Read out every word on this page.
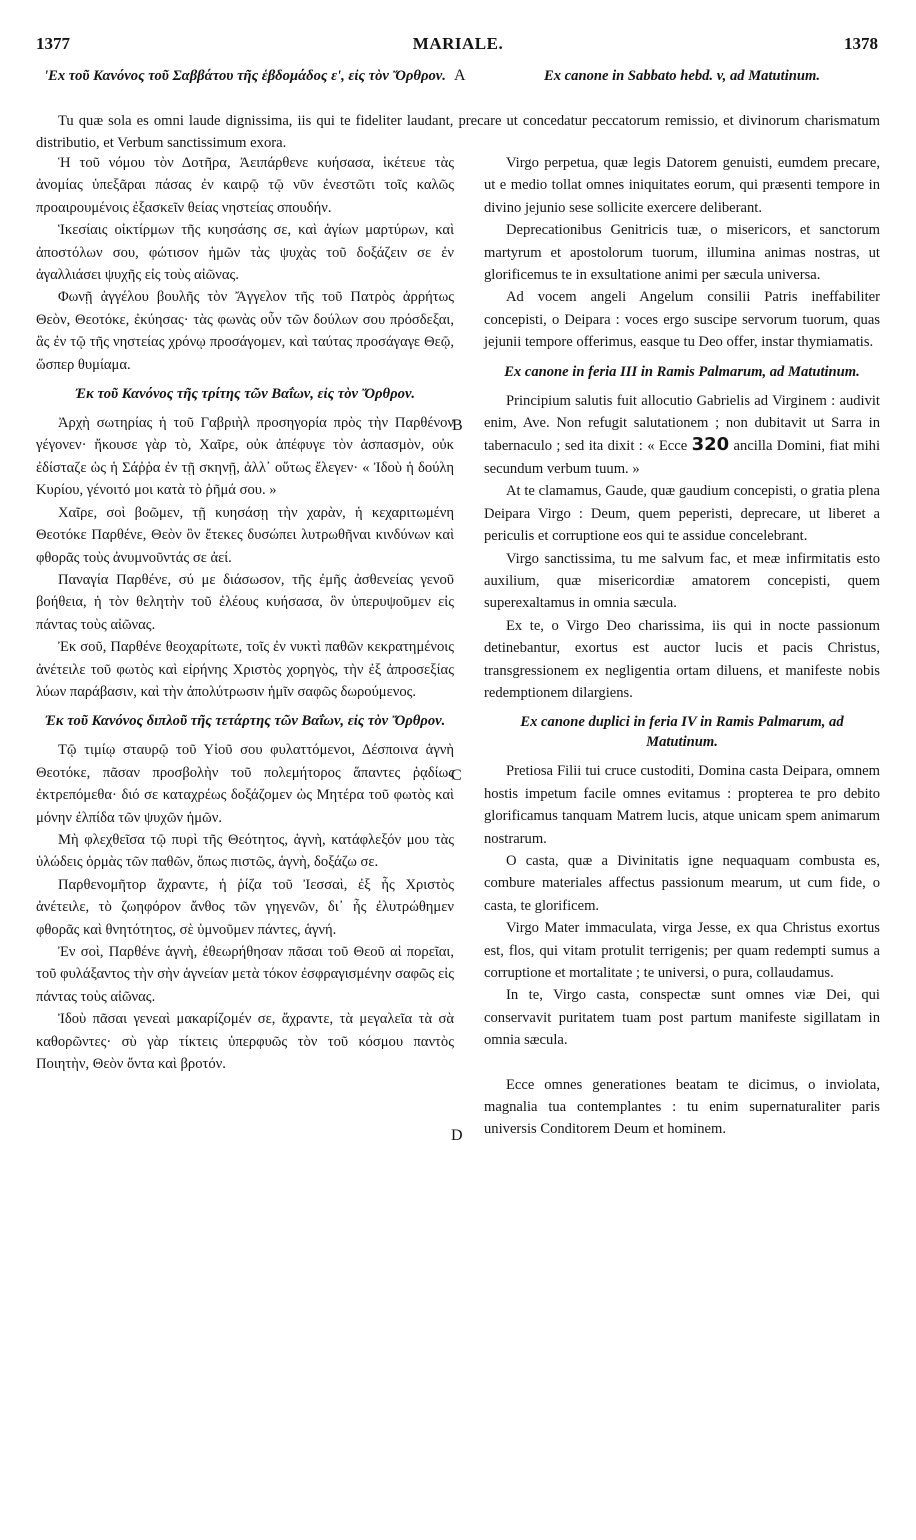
1377	MARIALE.	1378
A
B
C
D

'Ex τοῦ Κανόνος τοῦ Σαββάτου τῆς ἑβδομάδος ε', εἰς τὸν Ὄρθρον.

Ἡ τοῦ νόμου τὸν Δοτῆρα, Ἀειπάρθενε κυήσασα, ἱκέτευε τὰς ἀνομίας ὑπεξᾶραι πάσας ἐν καιρῷ τῷ νῦν ἐνεστῶτι τοῖς καλῶς προαιρουμένοις ἐξασκεῖν θείας νηστείας σπουδήν.

Ἱκεσίαις οἰκτίρμων τῆς κυησάσης σε, καὶ ἁγίων μαρτύρων, καὶ ἀποστόλων σου, φώτισον ἡμῶν τὰς ψυχὰς τοῦ δοξάζειν σε ἐν ἀγαλλιάσει ψυχῆς εἰς τοὺς αἰῶνας.

Φωνῇ ἀγγέλου βουλῆς τὸν Ἄγγελον τῆς τοῦ Πατρὸς ἀρρήτως Θεὸν, Θεοτόκε, ἐκύησας· τὰς φωνὰς οὖν τῶν δούλων σου πρόσδεξαι, ἃς ἐν τῷ τῆς νηστείας χρόνῳ προσάγομεν, καὶ ταύτας προσάγαγε Θεῷ, ὥσπερ θυμίαμα.

Ἐκ τοῦ Κανόνος τῆς τρίτης τῶν Βαΐων, εἰς τὸν Ὄρθρον.

Ἀρχὴ σωτηρίας ἡ τοῦ Γαβριὴλ προσηγορία πρὸς τὴν Παρθένον γέγονεν· ἤκουσε γὰρ τὸ, Χαῖρε, οὐκ ἀπέφυγε τὸν ἀσπασμὸν, οὐκ ἐδίσταζε ὡς ἡ Σάῤῥα ἐν τῇ σκηνῇ, ἀλλ᾽ οὕτως ἔλεγεν· « Ἰδοὺ ἡ δούλη Κυρίου, γένοιτό μοι κατὰ τὸ ῥῆμά σου. »

Χαῖρε, σοὶ βοῶμεν, τῇ κυησάσῃ τὴν χαρὰν, ἡ κεχαριτωμένη Θεοτόκε Παρθένε, Θεὸν ὃν ἔτεκες δυσώπει λυτρωθῆναι κινδύνων καὶ φθορᾶς τοὺς ἀνυμνοῦντάς σε ἀεί.

Παναγία Παρθένε, σύ με διάσωσον, τῆς ἐμῆς ἀσθενείας γενοῦ βοήθεια, ἡ τὸν θελητὴν τοῦ ἐλέους κυήσασα, ὃν ὑπερυψοῦμεν εἰς πάντας τοὺς αἰῶνας.

Ἐκ σοῦ, Παρθένε θεοχαρίτωτε, τοῖς ἐν νυκτὶ παθῶν κεκρατημένοις ἀνέτειλε τοῦ φωτὸς καὶ εἰρήνης Χριστὸς χορηγὸς, τὴν ἐξ ἀπροσεξίας λύων παράβασιν, καὶ τὴν ἀπολύτρωσιν ἡμῖν σαφῶς δωρούμενος.

Ἐκ τοῦ Κανόνος διπλοῦ τῆς τετάρτης τῶν Βαΐων, εἰς τὸν Ὄρθρον.

Τῷ τιμίῳ σταυρῷ τοῦ Υἱοῦ σου φυλαττόμενοι, Δέσποινα ἁγνὴ Θεοτόκε, πᾶσαν προσβολὴν τοῦ πολεμήτορος ἅπαντες ῥᾳδίως ἐκτρεπόμεθα· διό σε καταχρέως δοξάζομεν ὡς Μητέρα τοῦ φωτὸς καὶ μόνην ἐλπίδα τῶν ψυχῶν ἡμῶν.

Μὴ φλεχθεῖσα τῷ πυρὶ τῆς Θεότητος, ἁγνὴ, κατάφλεξόν μου τὰς ὑλώδεις ὁρμὰς τῶν παθῶν, ὅπως πιστῶς, ἁγνὴ, δοξάζω σε.

Παρθενομῆτορ ἄχραντε, ἡ ῥίζα τοῦ Ἰεσσαὶ, ἐξ ἧς Χριστὸς ἀνέτειλε, τὸ ζωηφόρον ἄνθος τῶν γηγενῶν, δι᾽ ἧς ἐλυτρώθημεν φθορᾶς καὶ θνητότητος, σὲ ὑμνοῦμεν πάντες, ἁγνή.

Ἐν σοὶ, Παρθένε ἁγνὴ, ἐθεωρήθησαν πᾶσαι τοῦ Θεοῦ αἱ πορεῖαι, τοῦ φυλάξαντος τὴν σὴν ἁγνείαν μετὰ τόκον ἐσφραγισμένην σαφῶς εἰς πάντας τοὺς αἰῶνας.

Ἰδοὺ πᾶσαι γενεαὶ μακαρίζομέν σε, ἄχραντε, τὰ μεγαλεῖα τὰ σὰ καθορῶντες· σὺ γὰρ τίκτεις ὑπερφυῶς τὸν τοῦ κόσμου παντὸς Ποιητὴν, Θεὸν ὄντα καὶ βροτόν.

Ex canone in Sabbato hebd. v, ad Matutinum.

Virgo perpetua, quæ legis Datorem genuisti, eumdem precare, ut e medio tollat omnes iniquitates eorum, qui præsenti tempore in divino jejunio sese sollicite exercere deliberant.

Deprecationibus Genitricis tuæ, o misericors, et sanctorum martyrum et apostolorum tuorum, illumina animas nostras, ut glorificemus te in exsultatione animi per sæcula universa.

Ad vocem angeli Angelum consilii Patris ineffabiliter concepisti, o Deipara : voces ergo suscipe servorum tuorum, quas jejunii tempore offerimus, easque tu Deo offer, instar thymiamatis.

Ex canone in feria III in Ramis Palmarum, ad Matutinum.

Principium salutis fuit allocutio Gabrielis ad Virginem : audivit enim, Ave. Non refugit salutationem ; non dubitavit ut Sarra in tabernaculo ; sed ita dixit : « Ecce 320 ancilla Domini, fiat mihi secundum verbum tuum. »

At te clamamus, Gaude, quæ gaudium concepisti, o gratia plena Deipara Virgo : Deum, quem peperisti, deprecare, ut liberet a periculis et corruptione eos qui te assidue concelebrant.

Virgo sanctissima, tu me salvum fac, et meæ infirmitatis esto auxilium, quæ misericordiæ amatorem concepisti, quem superexaltamus in omnia sæcula.

Ex te, o Virgo Deo charissima, iis qui in nocte passionum detinebantur, exortus est auctor lucis et pacis Christus, transgressionem ex negligentia ortam diluens, et manifeste nobis redemptionem dilargiens.

Ex canone duplici in feria IV in Ramis Palmarum, ad Matutinum.

Pretiosa Filii tui cruce custoditi, Domina casta Deipara, omnem hostis impetum facile omnes evitamus : propterea te pro debito glorificamus tanquam Matrem lucis, atque unicam spem animarum nostrarum.

O casta, quæ a Divinitatis igne nequaquam combusta es, combure materiales affectus passionum mearum, ut cum fide, o casta, te glorificem.

Virgo Mater immaculata, virga Jesse, ex qua Christus exortus est, flos, qui vitam protulit terrigenis; per quam redempti sumus a corruptione et mortalitate ; te universi, o pura, collaudamus.

In te, Virgo casta, conspectæ sunt omnes viæ Dei, qui conservavit puritatem tuam post partum manifeste sigillatam in omnia sæcula.

Ecce omnes generationes beatam te dicimus, o inviolata, magnalia tua contemplantes : tu enim supernaturaliter paris universis Conditorem Deum et hominem.

Tu quæ sola es omni laude dignissima, iis qui te fideliter laudant, precare ut concedatur peccatorum remissio, et divinorum charismatum distributio, et Verbum sanctissimum exora.
